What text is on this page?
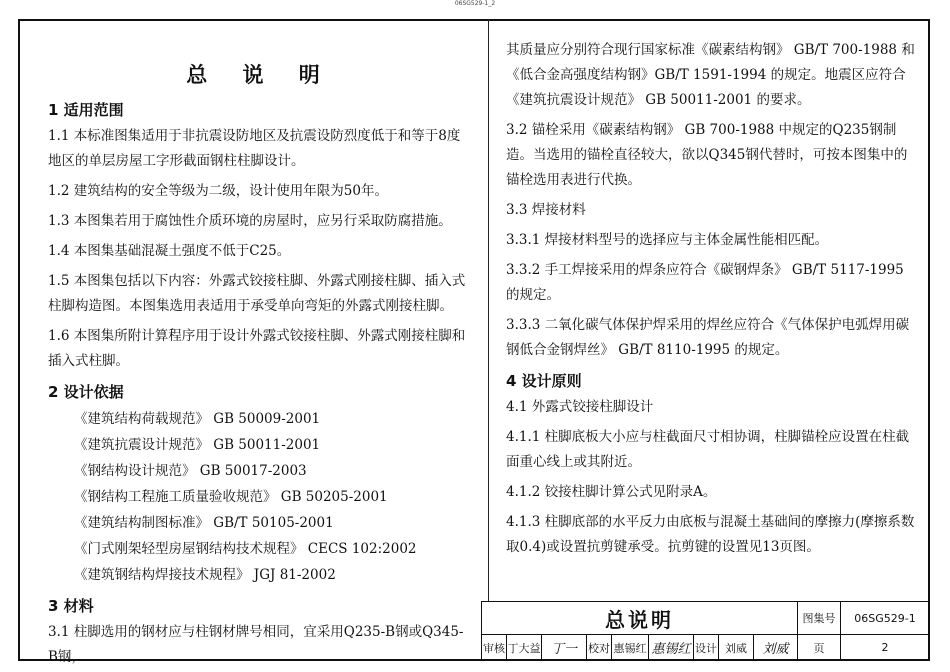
06SG529-1_2
总 说 明
1 适用范围

1.1 本标准图集适用于非抗震设防地区及抗震设防烈度低于和等于8度地区的单层房屋工字形截面钢柱柱脚设计。

1.2 建筑结构的安全等级为二级，设计使用年限为50年。

1.3 本图集若用于腐蚀性介质环境的房屋时，应另行采取防腐措施。

1.4 本图集基础混凝土强度不低于C25。

1.5 本图集包括以下内容：外露式铰接柱脚、外露式刚接柱脚、插入式柱脚构造图。本图集选用表适用于承受单向弯矩的外露式刚接柱脚。

1.6 本图集所附计算程序用于设计外露式铰接柱脚、外露式刚接柱脚和插入式柱脚。

2 设计依据

《建筑结构荷载规范》 GB 50009-2001

《建筑抗震设计规范》 GB 50011-2001

《钢结构设计规范》 GB 50017-2003

《钢结构工程施工质量验收规范》 GB 50205-2001

《建筑结构制图标准》 GB/T 50105-2001

《门式刚架轻型房屋钢结构技术规程》 CECS 102:2002

《建筑钢结构焊接技术规程》 JGJ 81-2002

3 材料

3.1 柱脚选用的钢材应与柱钢材牌号相同，宜采用Q235-B钢或Q345-B钢，

其质量应分别符合现行国家标准《碳素结构钢》 GB/T 700-1988 和《低合金高强度结构钢》GB/T 1591-1994 的规定。地震区应符合《建筑抗震设计规范》 GB 50011-2001 的要求。

3.2 锚栓采用《碳素结构钢》 GB 700-1988 中规定的Q235钢制造。当选用的锚栓直径较大，欲以Q345钢代替时，可按本图集中的锚栓选用表进行代换。

3.3 焊接材料

3.3.1 焊接材料型号的选择应与主体金属性能相匹配。

3.3.2 手工焊接采用的焊条应符合《碳钢焊条》 GB/T 5117-1995 的规定。

3.3.3 二氧化碳气体保护焊采用的焊丝应符合《气体保护电弧焊用碳钢低合金钢焊丝》 GB/T 8110-1995 的规定。

4 设计原则

4.1 外露式铰接柱脚设计

4.1.1 柱脚底板大小应与柱截面尺寸相协调，柱脚锚栓应设置在柱截面重心线上或其附近。

4.1.2 铰接柱脚计算公式见附录A。

4.1.3 柱脚底部的水平反力由底板与混凝土基础间的摩擦力(摩擦系数取0.4)或设置抗剪键承受。抗剪键的设置见13页图。

总说明									图集号	06SG529-1
审核	丁大益	丁一	校对	惠锡红	惠锡红	设计	刘威	刘威	页	2
